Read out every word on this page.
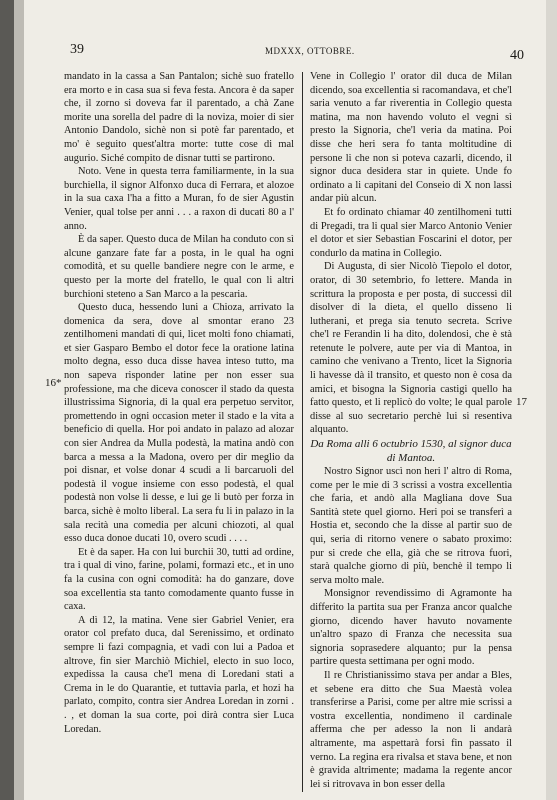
39	MDXXX, OTTOBRE.	40
16*
17

mandato in la cassa a San Pantalon; sichè suo fratello era morto e in casa sua si feva festa. Ancora è da saper che, il zorno si doveva far il parentado, a chà Zane morite una sorella del padre di la noviza, moier di sier Antonio Dandolo, sichè non si potè far parentado, et mo' è seguito quest'altra morte: tutte cose di mal augurio. Siché compito de disnar tutti se partirono.

Noto. Vene in questa terra familiarmente, in la sua burchiella, il signor Alfonxo duca di Ferrara, et alozoe in la sua caxa l'ha a fitto a Muran, fo de sier Agustin Venier, qual tolse per anni . . . a raxon di ducati 80 a l' anno.

È da saper. Questo duca de Milan ha conduto con sì alcune ganzare fate far a posta, in le qual ha ogni comodità, et su quelle bandiere negre con le arme, e questo per la morte del fratello, le qual con li altri burchioni steteno a San Marco a la pescaria.

Questo duca, hessendo luni a Chioza, arrivato la domenica da sera, dove al smontar erano 23 zentilhomeni mandati di qui, licet molti fono chiamati, et sier Gasparo Bembo el dotor fece la oratione latina molto degna, esso duca disse havea inteso tutto, ma non sapeva risponder latine per non esser sua professione, ma che diceva conoscer il stado da questa illustrissima Signoria, di la qual era perpetuo servitor, promettendo in ogni occasion meter il stado e la vita a beneficio di quella. Hor poi andato in palazo ad alozar con sier Andrea da Mulla podestà, la matina andò con barca a messa a la Madona, overo per dir meglio da poi disnar, et volse donar 4 scudi a li barcaruoli del podestà il vogue insieme con esso podestà, el qual podestà non volse li desse, e lui ge li butò per forza in barca, sichè è molto liberal. La sera fu li in palazo in la sala recità una comedia per alcuni chiozoti, al qual esso duca donoe ducati 10, overo scudi . . . .

Et è da saper. Ha con lui burchii 30, tutti ad ordine, tra i qual di vino, farine, polami, formazi etc., et in uno fa la cusina con ogni comodità: ha do ganzare, dove soa excellentia sta tanto comodamente quanto fusse in caxa.

A dì 12, la matina. Vene sier Gabriel Venier, era orator col prefato duca, dal Serenissimo, et ordinato sempre li fazi compagnia, et vadi con lui a Padoa et altrove, fin sier Marchiò Michiel, electo in suo loco, expedissa la causa che'l mena di Loredani stati a Crema in le do Quarantie, et tuttavia parla, et hozi ha parlato, compito, contra sier Andrea Loredan in zorni . . , et doman la sua corte, poi dirà contra sier Luca Loredan.

Vene in Collegio l' orator dil duca de Milan dicendo, soa excellentia si racomandava, et che'l saria venuto a far riverentia in Collegio questa matina, ma non havendo voluto el vegni sì presto la Signoria, che'l veria da matina. Poi disse che heri sera fo tanta moltitudine di persone li che non si poteva cazarli, dicendo, il signor duca desidera star in quiete. Unde fo ordinato a li capitani del Conseio di X non lassi andar più alcun.

Et fo ordinato chiamar 40 zentilhomeni tutti di Pregadi, tra li qual sier Marco Antonio Venier el dotor et sier Sebastian Foscarini el dotor, per condurlo da matina in Collegio.

Di Augusta, di sier Nicolò Tiepolo el dotor, orator, di 30 setembrio, fo lettere. Manda in scrittura la proposta e per posta, di successi dil disolver di la dieta, el quello disseno li lutherani, et prega sia tenuto secreta. Scrive che'l re Ferandin li ha dito, dolendosi, che è stà retenute le polvere, aute per via di Mantoa, in camino che venivano a Trento, licet la Signoria li havesse dà il transito, et questo non è cosa da amici, et bisogna la Signoria castigi quello ha fatto questo, et li replicò do volte; le qual parole disse al suo secretario perchè lui si resentiva alquanto.

Da Roma alli 6 octubrio 1530, al signor duca di Mantoa.

Nostro Signor uscì non heri l' altro di Roma, come per le mie di 3 scrissi a vostra excellentia che faria, et andò alla Magliana dove Sua Santità stete quel giorno. Heri poi se transferì a Hostia et, secondo che la disse al partir suo de qui, seria di ritorno venere o sabato proximo: pur si crede che ella, già che se ritrova fuori, starà qualche giorno di più, benchè il tempo li serva molto male.

Monsignor revendissimo di Agramonte ha differito la partita sua per Franza ancor qualche giorno, dicendo haver havuto novamente un'altro spazo di Franza che necessita sua signoria soprasedere alquanto; pur la pensa partire questa settimana per ogni modo.

Il re Christianissimo stava per andar a Bles, et sebene era ditto che Sua Maestà volea transferirse a Parisi, come per altre mie scrissi a vostra excellentia, nondimeno il cardinale afferma che per adesso la non li andarà altramente, ma aspettarà forsi fin passato il verno. La regina era rivalsa et stava bene, et non è gravida altrimente; madama la regente ancor lei si ritrovava in bon esser della
